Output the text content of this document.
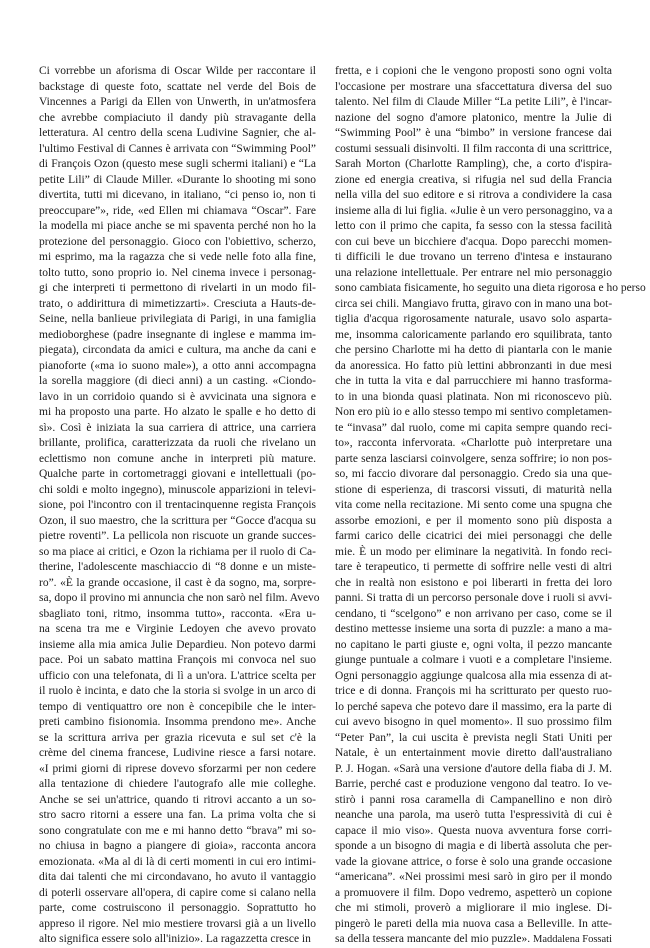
Ci vorrebbe un aforisma di Oscar Wilde per raccontare il
backstage di queste foto, scattate nel verde del Bois de
Vincennes a Parigi da Ellen von Unwerth, in un'atmosfera
che avrebbe compiaciuto il dandy più stravagante della
letteratura. Al centro della scena Ludivine Sagnier, che al-
l'ultimo Festival di Cannes è arrivata con “Swimming Pool”
di François Ozon (questo mese sugli schermi italiani) e “La
petite Lili” di Claude Miller. «Durante lo shooting mi sono
divertita, tutti mi dicevano, in italiano, “ci penso io, non ti
preoccupare”», ride, «ed Ellen mi chiamava “Oscar”. Fare
la modella mi piace anche se mi spaventa perché non ho la
protezione del personaggio. Gioco con l'obiettivo, scherzo,
mi esprimo, ma la ragazza che si vede nelle foto alla fine,
tolto tutto, sono proprio io. Nel cinema invece i personag-
gi che interpreti ti permettono di rivelarti in un modo fil-
trato, o addirittura di mimetizzarti». Cresciuta a Hauts-de-
Seine, nella banlieue privilegiata di Parigi, in una famiglia
medioborghese (padre insegnante di inglese e mamma im-
piegata), circondata da amici e cultura, ma anche da cani e
pianoforte («ma io suono male»), a otto anni accompagna
la sorella maggiore (di dieci anni) a un casting. «Ciondo-
lavo in un corridoio quando si è avvicinata una signora e
mi ha proposto una parte. Ho alzato le spalle e ho detto di
sì». Così è iniziata la sua carriera di attrice, una carriera
brillante, prolifica, caratterizzata da ruoli che rivelano un
eclettismo non comune anche in interpreti più mature.
Qualche parte in cortometraggi giovani e intellettuali (po-
chi soldi e molto ingegno), minuscole apparizioni in televi-
sione, poi l'incontro con il trentacinquenne regista François
Ozon, il suo maestro, che la scrittura per “Gocce d'acqua su
pietre roventi”. La pellicola non riscuote un grande succes-
so ma piace ai critici, e Ozon la richiama per il ruolo di Ca-
therine, l'adolescente maschiaccio di “8 donne e un miste-
ro”. «È la grande occasione, il cast è da sogno, ma, sorpre-
sa, dopo il provino mi annuncia che non sarò nel film. Avevo
sbagliato toni, ritmo, insomma tutto», racconta. «Era u-
na scena tra me e Virginie Ledoyen che avevo provato
insieme alla mia amica Julie Depardieu. Non potevo darmi
pace. Poi un sabato mattina François mi convoca nel suo
ufficio con una telefonata, di lì a un'ora. L'attrice scelta per
il ruolo è incinta, e dato che la storia si svolge in un arco di
tempo di ventiquattro ore non è concepibile che le inter-
preti cambino fisionomia. Insomma prendono me». Anche
se la scrittura arriva per grazia ricevuta e sul set c'è la
crème del cinema francese, Ludivine riesce a farsi notare.
«I primi giorni di riprese dovevo sforzarmi per non cedere
alla tentazione di chiedere l'autografo alle mie colleghe.
Anche se sei un'attrice, quando ti ritrovi accanto a un so-
stro sacro ritorni a essere una fan. La prima volta che si
sono congratulate con me e mi hanno detto “brava” mi so-
no chiusa in bagno a piangere di gioia», racconta ancora
emozionata. «Ma al di là di certi momenti in cui ero intimi-
dita dai talenti che mi circondavano, ho avuto il vantaggio
di poterli osservare all'opera, di capire come si calano nella
parte, come costruiscono il personaggio. Soprattutto ho
appreso il rigore. Nel mio mestiere trovarsi già a un livello
alto significa essere solo all'inizio». La ragazzetta cresce in
fretta, e i copioni che le vengono proposti sono ogni volta
l'occasione per mostrare una sfaccettatura diversa del suo
talento. Nel film di Claude Miller “La petite Lili”, è l'incar-
nazione del sogno d'amore platonico, mentre la Julie di
“Swimming Pool” è una “bimbo” in versione francese dai
costumi sessuali disinvolti. Il film racconta di una scrittrice,
Sarah Morton (Charlotte Rampling), che, a corto d'ispira-
zione ed energia creativa, si rifugia nel sud della Francia
nella villa del suo editore e si ritrova a condividere la casa
insieme alla di lui figlia. «Julie è un vero personaggino, va a
letto con il primo che capita, fa sesso con la stessa facilità
con cui beve un bicchiere d'acqua. Dopo parecchi momen-
ti difficili le due trovano un terreno d'intesa e instaurano
una relazione intellettuale. Per entrare nel mio personaggio
sono cambiata fisicamente, ho seguito una dieta rigorosa e ho perso
circa sei chili. Mangiavo frutta, giravo con in mano una bot-
tiglia d'acqua rigorosamente naturale, usavo solo asparta-
me, insomma caloricamente parlando ero squilibrata, tanto
che persino Charlotte mi ha detto di piantarla con le manie
da anoressica. Ho fatto più lettini abbronzanti in due mesi
che in tutta la vita e dal parrucchiere mi hanno trasforma-
to in una bionda quasi platinata. Non mi riconoscevo più.
Non ero più io e allo stesso tempo mi sentivo completamen-
te “invasa” dal ruolo, come mi capita sempre quando reci-
to», racconta infervorata. «Charlotte può interpretare una
parte senza lasciarsi coinvolgere, senza soffrire; io non pos-
so, mi faccio divorare dal personaggio. Credo sia una que-
stione di esperienza, di trascorsi vissuti, di maturità nella
vita come nella recitazione. Mi sento come una spugna che
assorbe emozioni, e per il momento sono più disposta a
farmi carico delle cicatrici dei miei personaggi che delle
mie. È un modo per eliminare la negatività. In fondo reci-
tare è terapeutico, ti permette di soffrire nelle vesti di altri
che in realtà non esistono e poi liberarti in fretta dei loro
panni. Si tratta di un percorso personale dove i ruoli si avvi-
cendano, ti “scelgono” e non arrivano per caso, come se il
destino mettesse insieme una sorta di puzzle: a mano a ma-
no capitano le parti giuste e, ogni volta, il pezzo mancante
giunge puntuale a colmare i vuoti e a completare l'insieme.
Ogni personaggio aggiunge qualcosa alla mia essenza di at-
trice e di donna. François mi ha scritturato per questo ruo-
lo perché sapeva che potevo dare il massimo, era la parte di
cui avevo bisogno in quel momento». Il suo prossimo film
“Peter Pan”, la cui uscita è prevista negli Stati Uniti per
Natale, è un entertainment movie diretto dall'australiano
P. J. Hogan. «Sarà una versione d'autore della fiaba di J. M.
Barrie, perché cast e produzione vengono dal teatro. Io ve-
stirò i panni rosa caramella di Campanellino e non dirò
neanche una parola, ma userò tutta l'espressività di cui è
capace il mio viso». Questa nuova avventura forse corri-
sponde a un bisogno di magia e di libertà assoluta che per-
vade la giovane attrice, o forse è solo una grande occasione
“americana”. «Nei prossimi mesi sarò in giro per il mondo
a promuovere il film. Dopo vedremo, aspetterò un copione
che mi stimoli, proverò a migliorare il mio inglese. Di-
pingerò le pareti della mia nuova casa a Belleville. In atte-
sa della tessera mancante del mio puzzle». Maddalena Fossati
